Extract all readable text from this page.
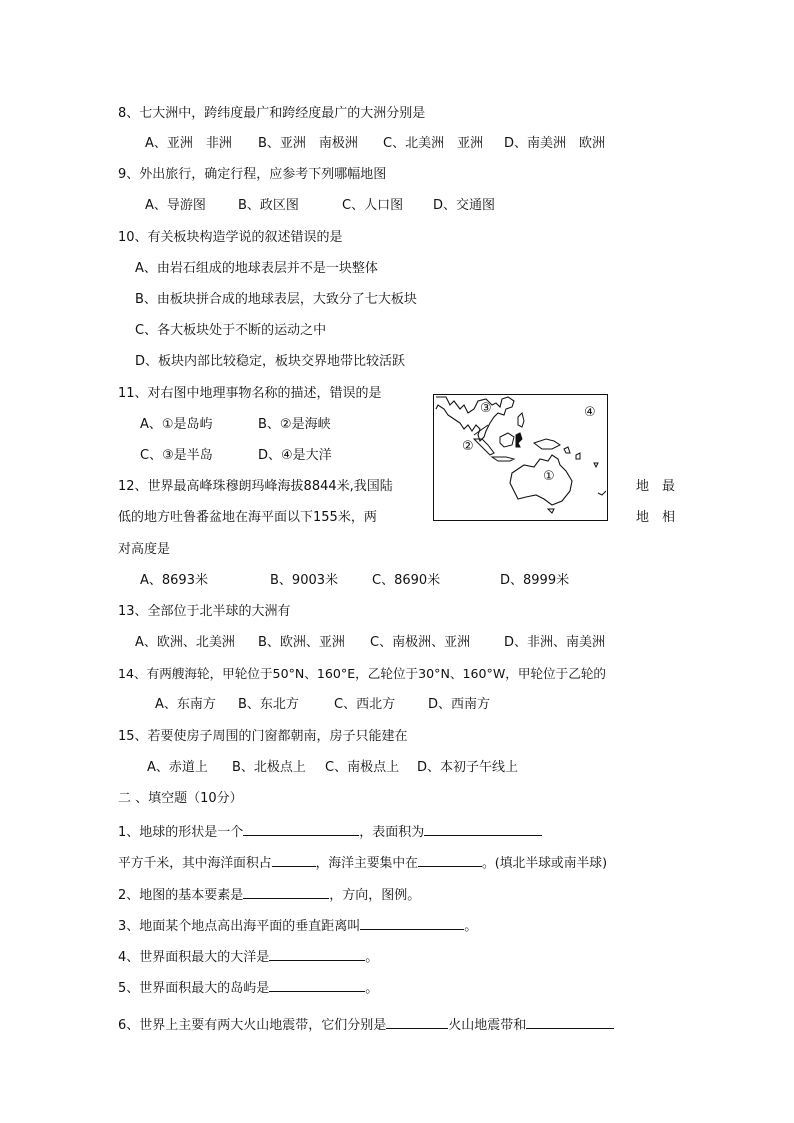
8、七大洲中，跨纬度最广和跨经度最广的大洲分别是
A、亚洲　非洲 B、亚洲　南极洲 C、北美洲　亚洲 D、南美洲　欧洲
9、外出旅行，确定行程，应参考下列哪幅地图
A、导游图 B、政区图	C、人口图 D、交通图
10、有关板块构造学说的叙述错误的是
A、由岩石组成的地球表层并不是一块整体
B、由板块拼合成的地球表层，大致分了七大板块
C、各大板块处于不断的运动之中
D、板块内部比较稳定，板块交界地带比较活跃
11、对右图中地理事物名称的描述，错误的是
A、①是岛屿	B、②是海峡
C、③是半岛	D、④是大洋
①
②
③	④
12、世界最高峰珠穆朗玛峰海拔8844米,我国陆	地　最
低的地方吐鲁番盆地在海平面以下155米，两	地　相
对高度是
A、8693米	B、9003米	C、8690米	D、8999米
13、全部位于北半球的大洲有
A、欧洲、北美洲 B、欧洲、亚洲 C、南极洲、亚洲	D、非洲、南美洲
14、有两艘海轮，甲轮位于50°N、160°E，乙轮位于30°N、160°W，甲轮位于乙轮的
A、东南方 B、东北方	C、西北方	D、西南方
15、若要使房子周围的门窗都朝南，房子只能建在
A、赤道上 B、北极点上 C、南极点上 D、本初子午线上
二 、填空题（10分）
1、地球的形状是一个	，表面积为
平方千米，其中海洋面积占	，海洋主要集中在	。(填北半球或南半球)
2、地图的基本要素是	，方向，图例。
3、地面某个地点高出海平面的垂直距离叫	。
4、世界面积最大的大洋是	。
5、世界面积最大的岛屿是	。
6、世界上主要有两大火山地震带，它们分别是	火山地震带和
